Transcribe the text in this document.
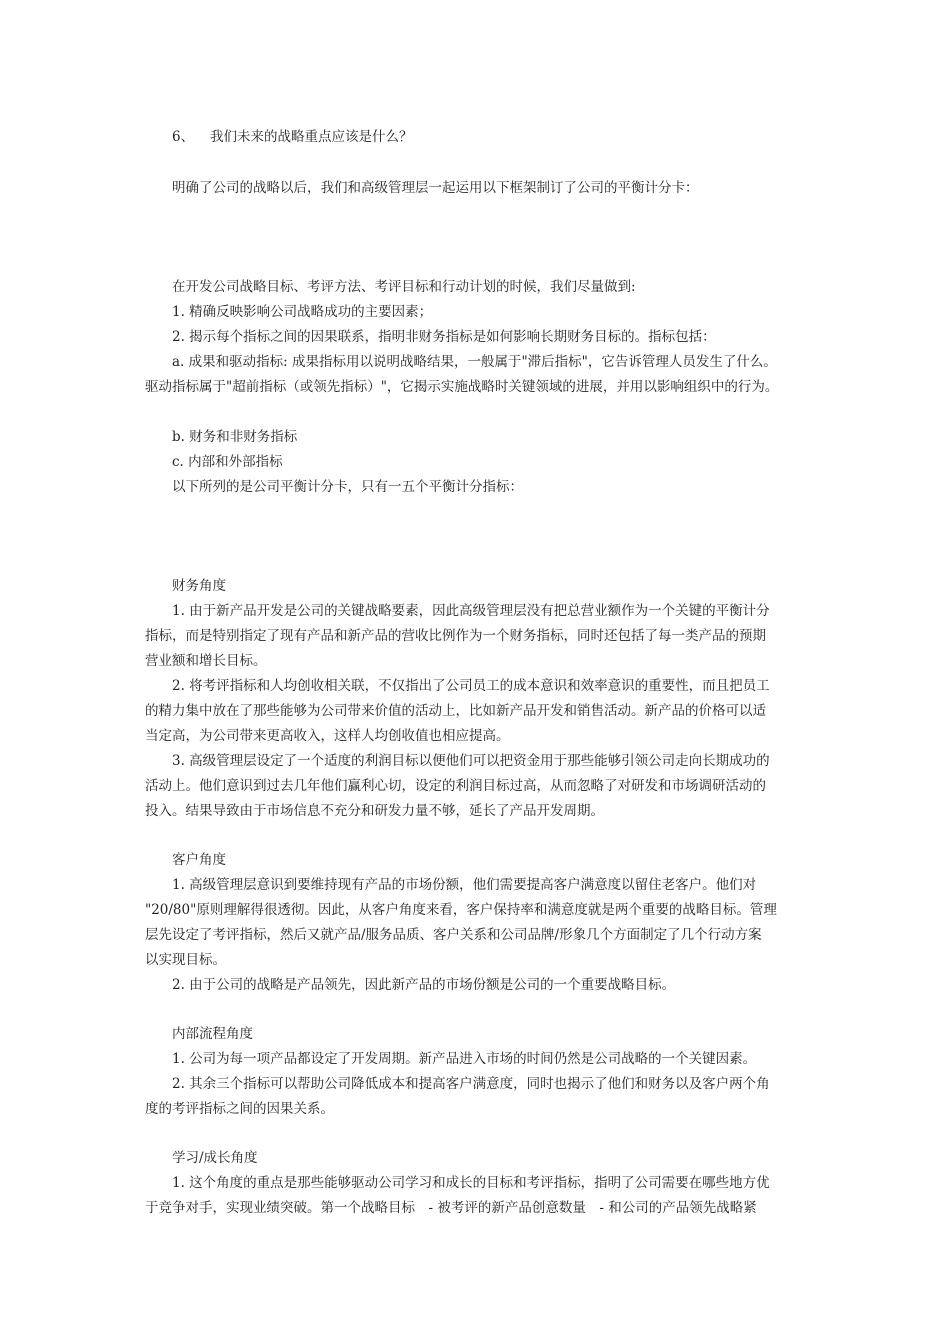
6、 我们未来的战略重点应该是什么？
明确了公司的战略以后，我们和高级管理层一起运用以下框架制订了公司的平衡计分卡：
在开发公司战略目标、考评方法、考评目标和行动计划的时候，我们尽量做到:
1. 精确反映影响公司战略成功的主要因素；
2. 揭示每个指标之间的因果联系，指明非财务指标是如何影响长期财务目标的。指标包括：
a. 成果和驱动指标: 成果指标用以说明战略结果，一般属于"滞后指标"，它告诉管理人员发生了什么。
驱动指标属于"超前指标（或领先指标）"，它揭示实施战略时关键领域的进展，并用以影响组织中的行为。
b. 财务和非财务指标
c. 内部和外部指标
以下所列的是公司平衡计分卡，只有一五个平衡计分指标：
财务角度
1. 由于新产品开发是公司的关键战略要素，因此高级管理层没有把总营业额作为一个关键的平衡计分
指标，而是特别指定了现有产品和新产品的营收比例作为一个财务指标，同时还包括了每一类产品的预期
营业额和增长目标。
2. 将考评指标和人均创收相关联，不仅指出了公司员工的成本意识和效率意识的重要性，而且把员工
的精力集中放在了那些能够为公司带来价值的活动上，比如新产品开发和销售活动。新产品的价格可以适
当定高，为公司带来更高收入，这样人均创收值也相应提高。
3. 高级管理层设定了一个适度的利润目标以便他们可以把资金用于那些能够引领公司走向长期成功的
活动上。他们意识到过去几年他们赢利心切，设定的利润目标过高，从而忽略了对研发和市场调研活动的
投入。结果导致由于市场信息不充分和研发力量不够，延长了产品开发周期。
客户角度
1. 高级管理层意识到要维持现有产品的市场份额，他们需要提高客户满意度以留住老客户。他们对
"20/80"原则理解得很透彻。因此，从客户角度来看，客户保持率和满意度就是两个重要的战略目标。管理
层先设定了考评指标，然后又就产品/服务品质、客户关系和公司品牌/形象几个方面制定了几个行动方案
以实现目标。
2. 由于公司的战略是产品领先，因此新产品的市场份额是公司的一个重要战略目标。
内部流程角度
1. 公司为每一项产品都设定了开发周期。新产品进入市场的时间仍然是公司战略的一个关键因素。
2. 其余三个指标可以帮助公司降低成本和提高客户满意度，同时也揭示了他们和财务以及客户两个角
度的考评指标之间的因果关系。
学习/成长角度
1. 这个角度的重点是那些能够驱动公司学习和成长的目标和考评指标，指明了公司需要在哪些地方优
于竞争对手，实现业绩突破。第一个战略目标　- 被考评的新产品创意数量　- 和公司的产品领先战略紧
